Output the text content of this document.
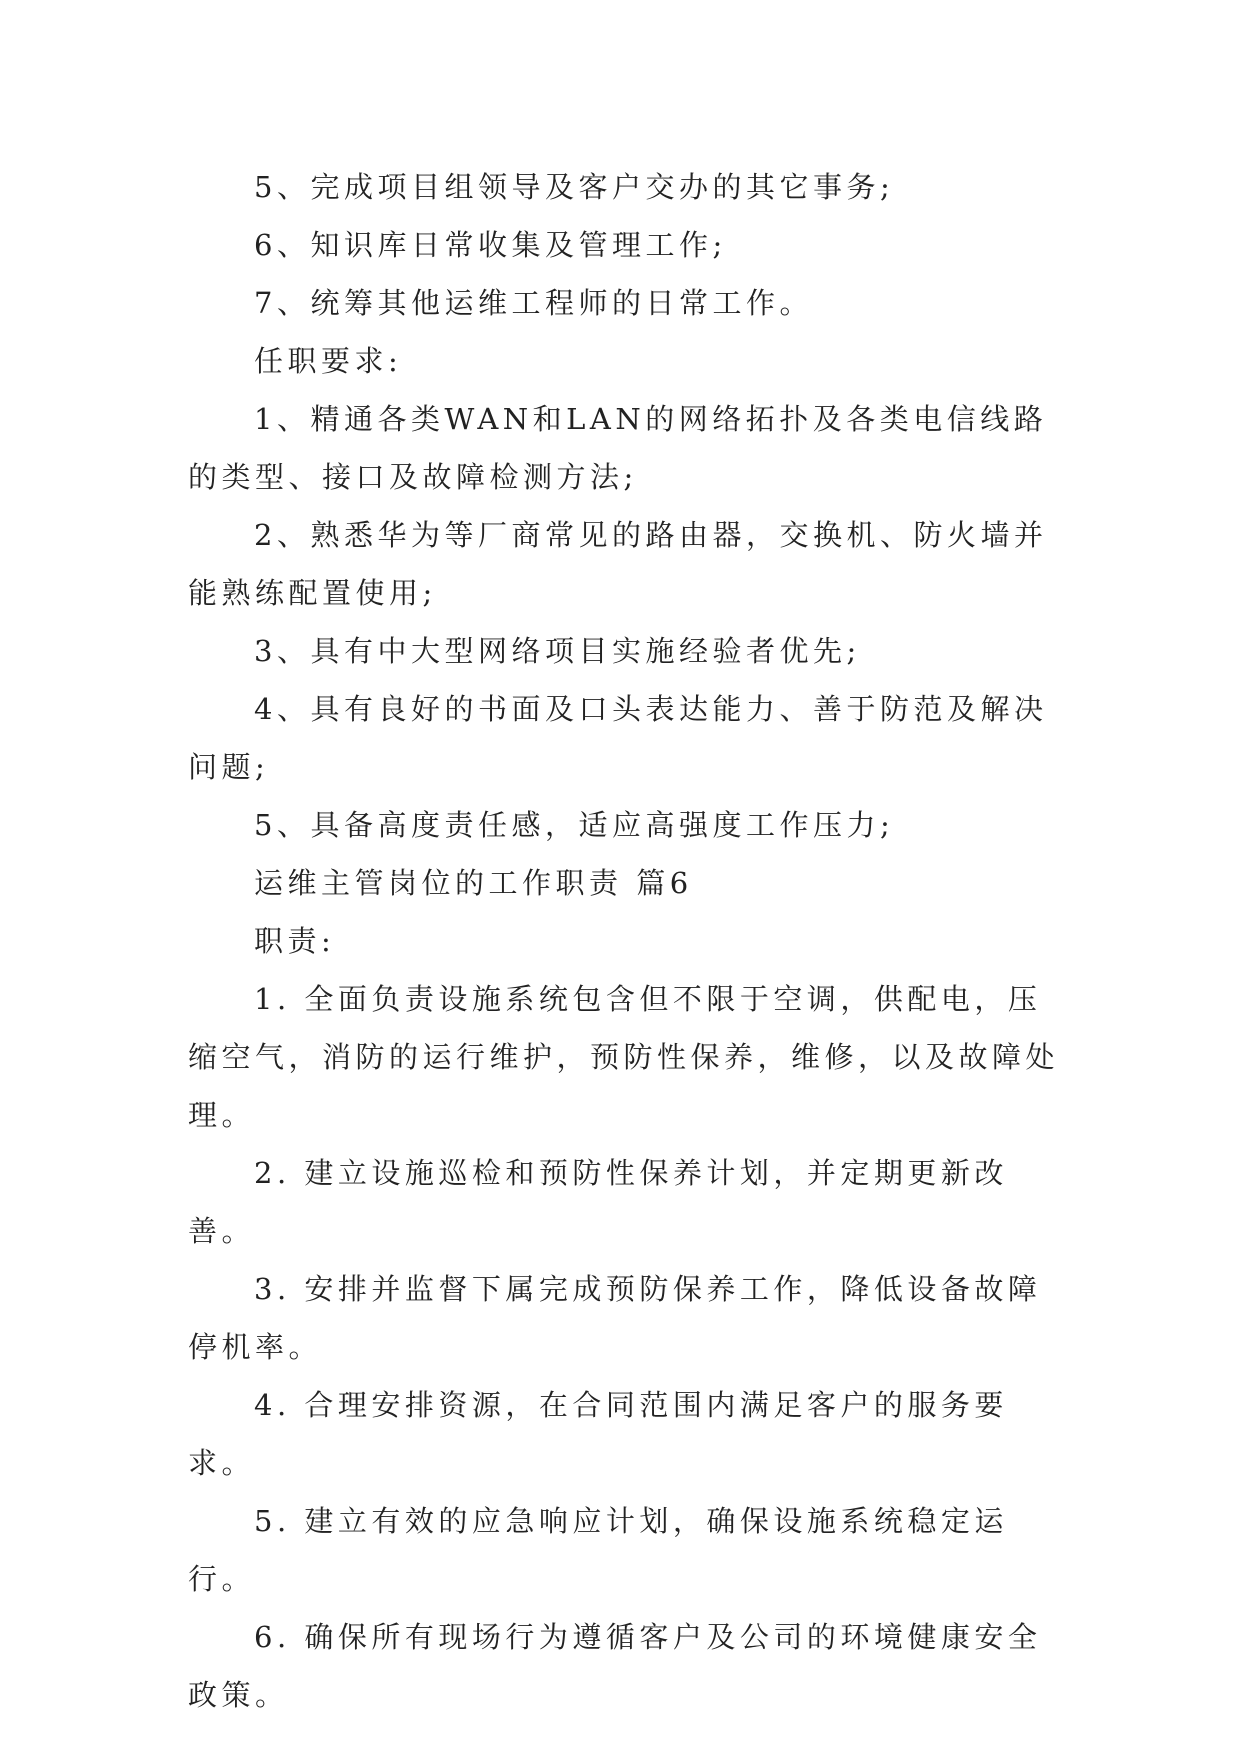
5、完成项目组领导及客户交办的其它事务;

6、知识库日常收集及管理工作;

7、统筹其他运维工程师的日常工作。

任职要求:

1、精通各类WAN和LAN的网络拓扑及各类电信线路的类型、接口及故障检测方法;

2、熟悉华为等厂商常见的路由器，交换机、防火墙并能熟练配置使用;

3、具有中大型网络项目实施经验者优先;

4、具有良好的书面及口头表达能力、善于防范及解决问题;

5、具备高度责任感，适应高强度工作压力;

运维主管岗位的工作职责 篇6

职责:

1. 全面负责设施系统包含但不限于空调，供配电，压缩空气，消防的运行维护，预防性保养，维修，以及故障处理。

2. 建立设施巡检和预防性保养计划，并定期更新改善。

3. 安排并监督下属完成预防保养工作，降低设备故障停机率。

4. 合理安排资源，在合同范围内满足客户的服务要求。

5. 建立有效的应急响应计划，确保设施系统稳定运行。

6. 确保所有现场行为遵循客户及公司的环境健康安全政策。
